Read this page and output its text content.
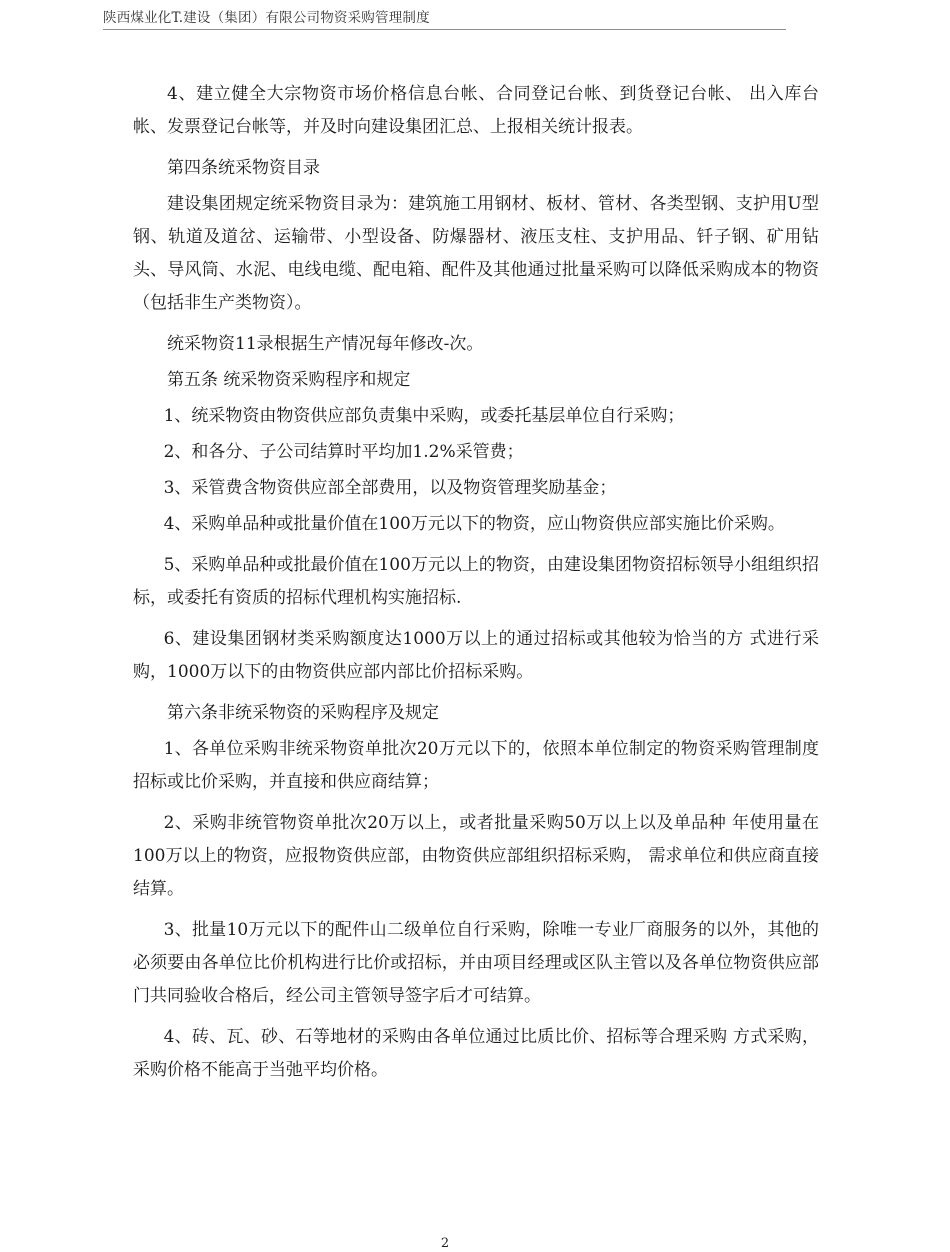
陕西煤业化T.建设（集团）有限公司物资采购管理制度

4、建立健全大宗物资市场价格信息台帐、合同登记台帐、到货登记台帐、 出入库台帐、发票登记台帐等，并及时向建设集团汇总、上报相关统计报表。

第四条统采物资目录

建设集团规定统采物资目录为：建筑施工用钢材、板材、管材、各类型钢、支护用U型钢、轨道及道岔、运输带、小型设备、防爆器材、液压支柱、支护用品、钎子钢、矿用钻头、导风筒、水泥、电线电缆、配电箱、配件及其他通过批量采购可以降低采购成本的物资（包括非生产类物资）。

统采物资11录根据生产情况每年修改-次。

第五条 统采物资采购程序和规定

1、统采物资由物资供应部负责集中采购，或委托基层单位自行采购；

2、和各分、子公司结算时平均加1.2%采管费；

3、采管费含物资供应部全部费用，以及物资管理奖励基金；

4、采购单品种或批量价值在100万元以下的物资，应山物资供应部实施比价采购。

5、采购单品种或批最价值在100万元以上的物资，由建设集团物资招标领导小组组织招标，或委托有资质的招标代理机构实施招标.

6、建设集团钢材类采购额度达1000万以上的通过招标或其他较为恰当的方 式进行采购，1000万以下的由物资供应部内部比价招标采购。

第六条非统采物资的采购程序及规定

1、各单位采购非统采物资单批次20万元以下的，依照本单位制定的物资采购管理制度招标或比价采购，并直接和供应商结算；

2、采购非统管物资单批次20万以上，或者批量采购50万以上以及单品种 年使用量在100万以上的物资，应报物资供应部，由物资供应部组织招标采购， 需求单位和供应商直接结算。

3、批量10万元以下的配件山二级单位自行采购，除唯一专业厂商服务的以外，其他的必须要由各单位比价机构进行比价或招标，并由项目经理或区队主管以及各单位物资供应部门共同验收合格后，经公司主管领导签字后才可结算。

4、砖、瓦、砂、石等地材的采购由各单位通过比质比价、招标等合理采购 方式采购，采购价格不能高于当弛平均价格。

2
